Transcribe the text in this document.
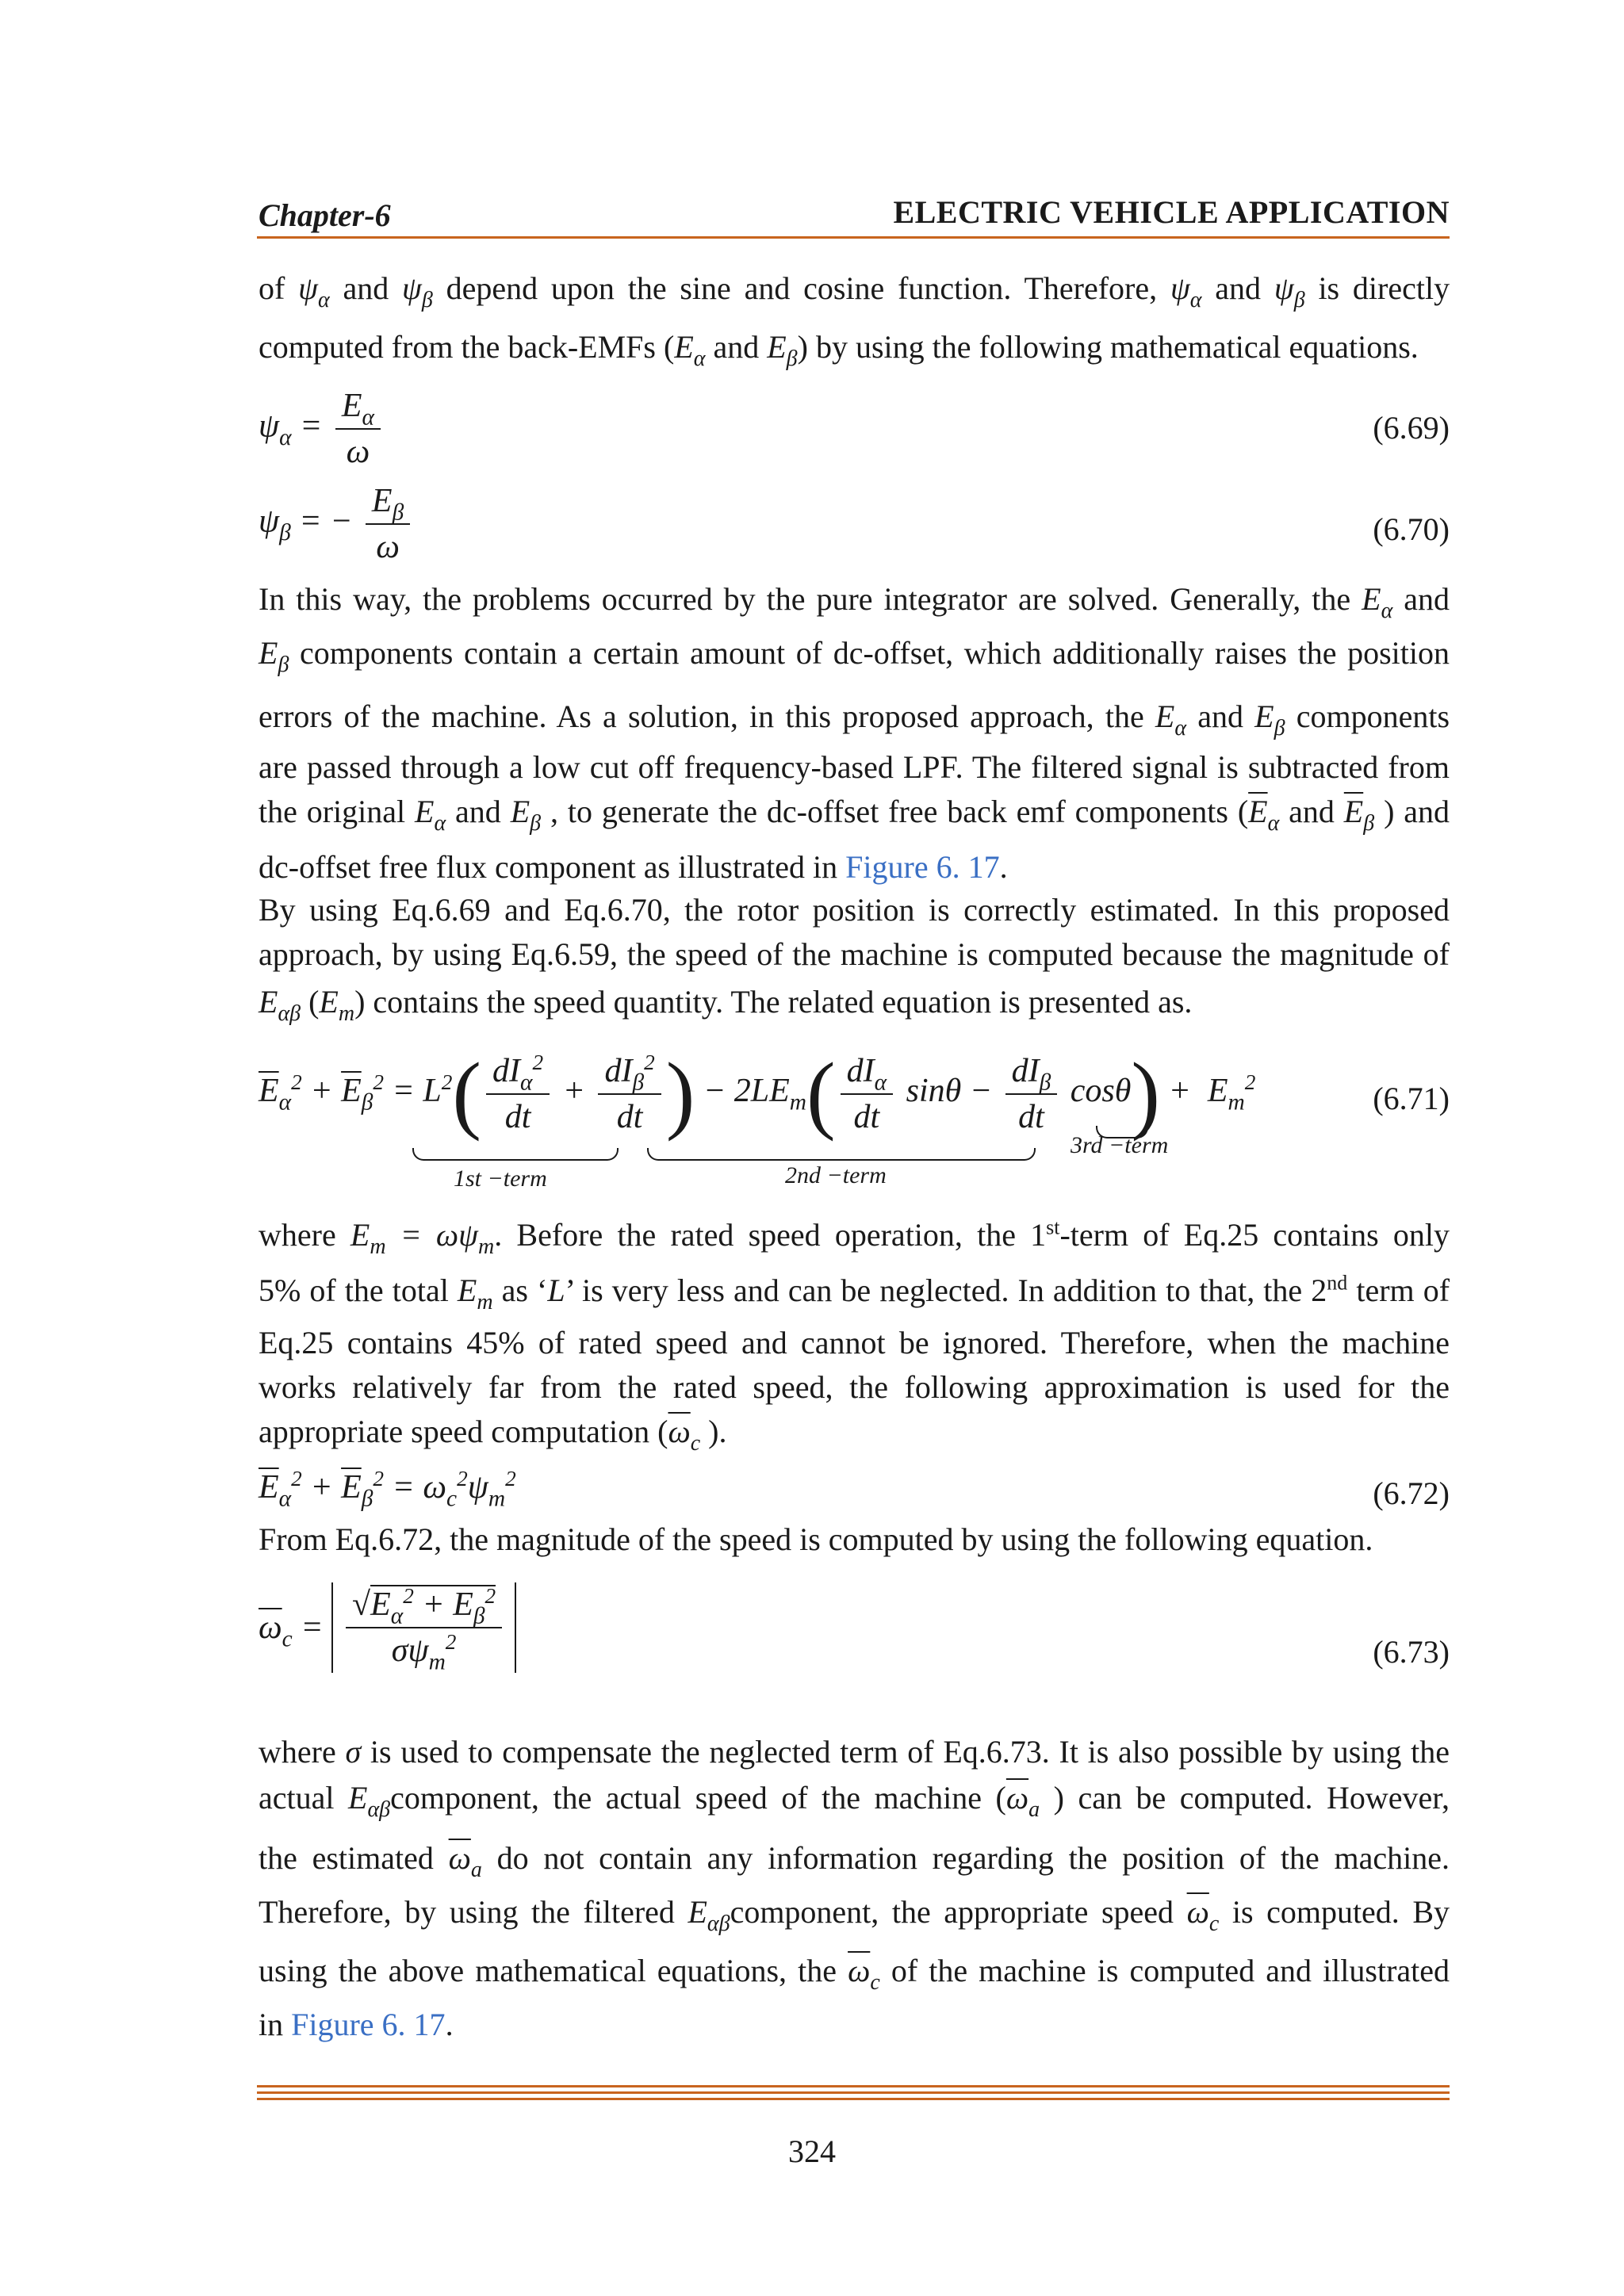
Chapter-6	ELECTRIC VEHICLE APPLICATION
of $\psi_\alpha$ and $\psi_\beta$ depend upon the sine and cosine function. Therefore, $\psi_\alpha$ and $\psi_\beta$ is directly
computed from the back-EMFs ($E_\alpha$ and $E_\beta$) by using the following mathematical equations.
$\psi_\alpha = \frac{E_\alpha}{\omega}$	(6.69)
$\psi_\beta$ = − $\frac{E_\beta}{\omega}$	(6.70)
In this way, the problems occurred by the pure integrator are solved. Generally, the $E_\alpha$ and
$E_\beta$ components contain a certain amount of dc-offset, which additionally raises the position
errors of the machine. As a solution, in this proposed approach, the $E_\alpha$ and $E_\beta$ components
are passed through a low cut off frequency-based LPF. The filtered signal is subtracted from
the original $E_\alpha$ and $E_\beta$ , to generate the dc-offset free back emf components ($\overline{E}_\alpha$ and $\overline{E}_\beta$ ) and
dc-offset free flux component as illustrated in Figure 6. 17.
By using Eq.6.69 and Eq.6.70, the rotor position is correctly estimated. In this proposed
approach, by using Eq.6.59, the speed of the machine is computed because the magnitude of
$E_{\alpha\beta}$ $(E_m)$ contains the speed quantity. The related equation is presented as.
$\overline{E}_\alpha^2 + \overline{E}_\beta^2 = L^2( \frac{dI_\alpha^2}{dt} + \frac{dI_\beta^2}{dt}$ ) − $2LE_m( \frac{dI_\alpha}{dt}$ $\sin\theta - \frac{dI_\beta}{dt} \cos\theta) + E_m^2$	(6.71)
1st −term	2nd −term
3rd −term
where $E_m = \omega\psi_m$. Before the rated speed operation, the 1st-term of Eq.25 contains only
5% of the total $E_m$ as ‘L’ is very less and can be neglected. In addition to that, the 2nd term of
Eq.25 contains 45% of rated speed and cannot be ignored. Therefore, when the machine
works relatively far from the rated speed, the following approximation is used for the
appropriate speed computation ($\overline{\omega}_c$ ).
$\overline{E}_\alpha^2 + \overline{E}_\beta^2 = \omega_c^2\psi_m^2$	(6.72)
From Eq.6.72, the magnitude of the speed is computed by using the following equation.
$\overline{\omega}_c = \frac{√E_\alpha^2 + \overline{E}_\beta^2}{\sigma\psi_m^2}$	(6.73)
where σ is used to compensate the neglected term of Eq.6.73. It is also possible by using the
actual $E_{\alpha\beta}component$, the actual speed of the machine ($\overline{\omega}_a$ ) can be computed. However,
the estimated $\overline{\omega}_a$ do not contain any information regarding the position of the machine.
Therefore, by using the filtered $E_{\alpha\beta}component$, the appropriate speed $\overline{\omega}_c$ is computed. By
using the above mathematical equations, the $\overline{\omega}_c$ of the machine is computed and illustrated
in Figure 6. 17.
324
